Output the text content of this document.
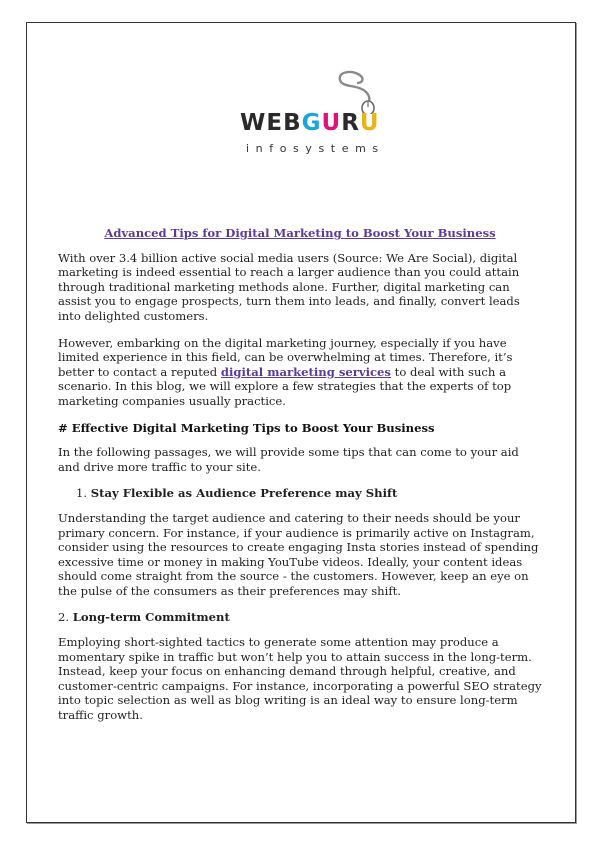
WEBGURU
infosystems
Advanced Tips for Digital Marketing to Boost Your Business

With over 3.4 billion active social media users (Source: We Are Social), digital marketing is indeed essential to reach a larger audience than you could attain through traditional marketing methods alone. Further, digital marketing can assist you to engage prospects, turn them into leads, and finally, convert leads into delighted customers.

However, embarking on the digital marketing journey, especially if you have limited experience in this field, can be overwhelming at times. Therefore, it’s better to contact a reputed digital marketing services to deal with such a scenario. In this blog, we will explore a few strategies that the experts of top marketing companies usually practice.

# Effective Digital Marketing Tips to Boost Your Business

In the following passages, we will provide some tips that can come to your aid and drive more traffic to your site.

1. Stay Flexible as Audience Preference may Shift

Understanding the target audience and catering to their needs should be your primary concern. For instance, if your audience is primarily active on Instagram, consider using the resources to create engaging Insta stories instead of spending excessive time or money in making YouTube videos. Ideally, your content ideas should come straight from the source - the customers. However, keep an eye on the pulse of the consumers as their preferences may shift.

2. Long-term Commitment

Employing short-sighted tactics to generate some attention may produce a momentary spike in traffic but won’t help you to attain success in the long-term. Instead, keep your focus on enhancing demand through helpful, creative, and customer-centric campaigns. For instance, incorporating a powerful SEO strategy into topic selection as well as blog writing is an ideal way to ensure long-term traffic growth.
